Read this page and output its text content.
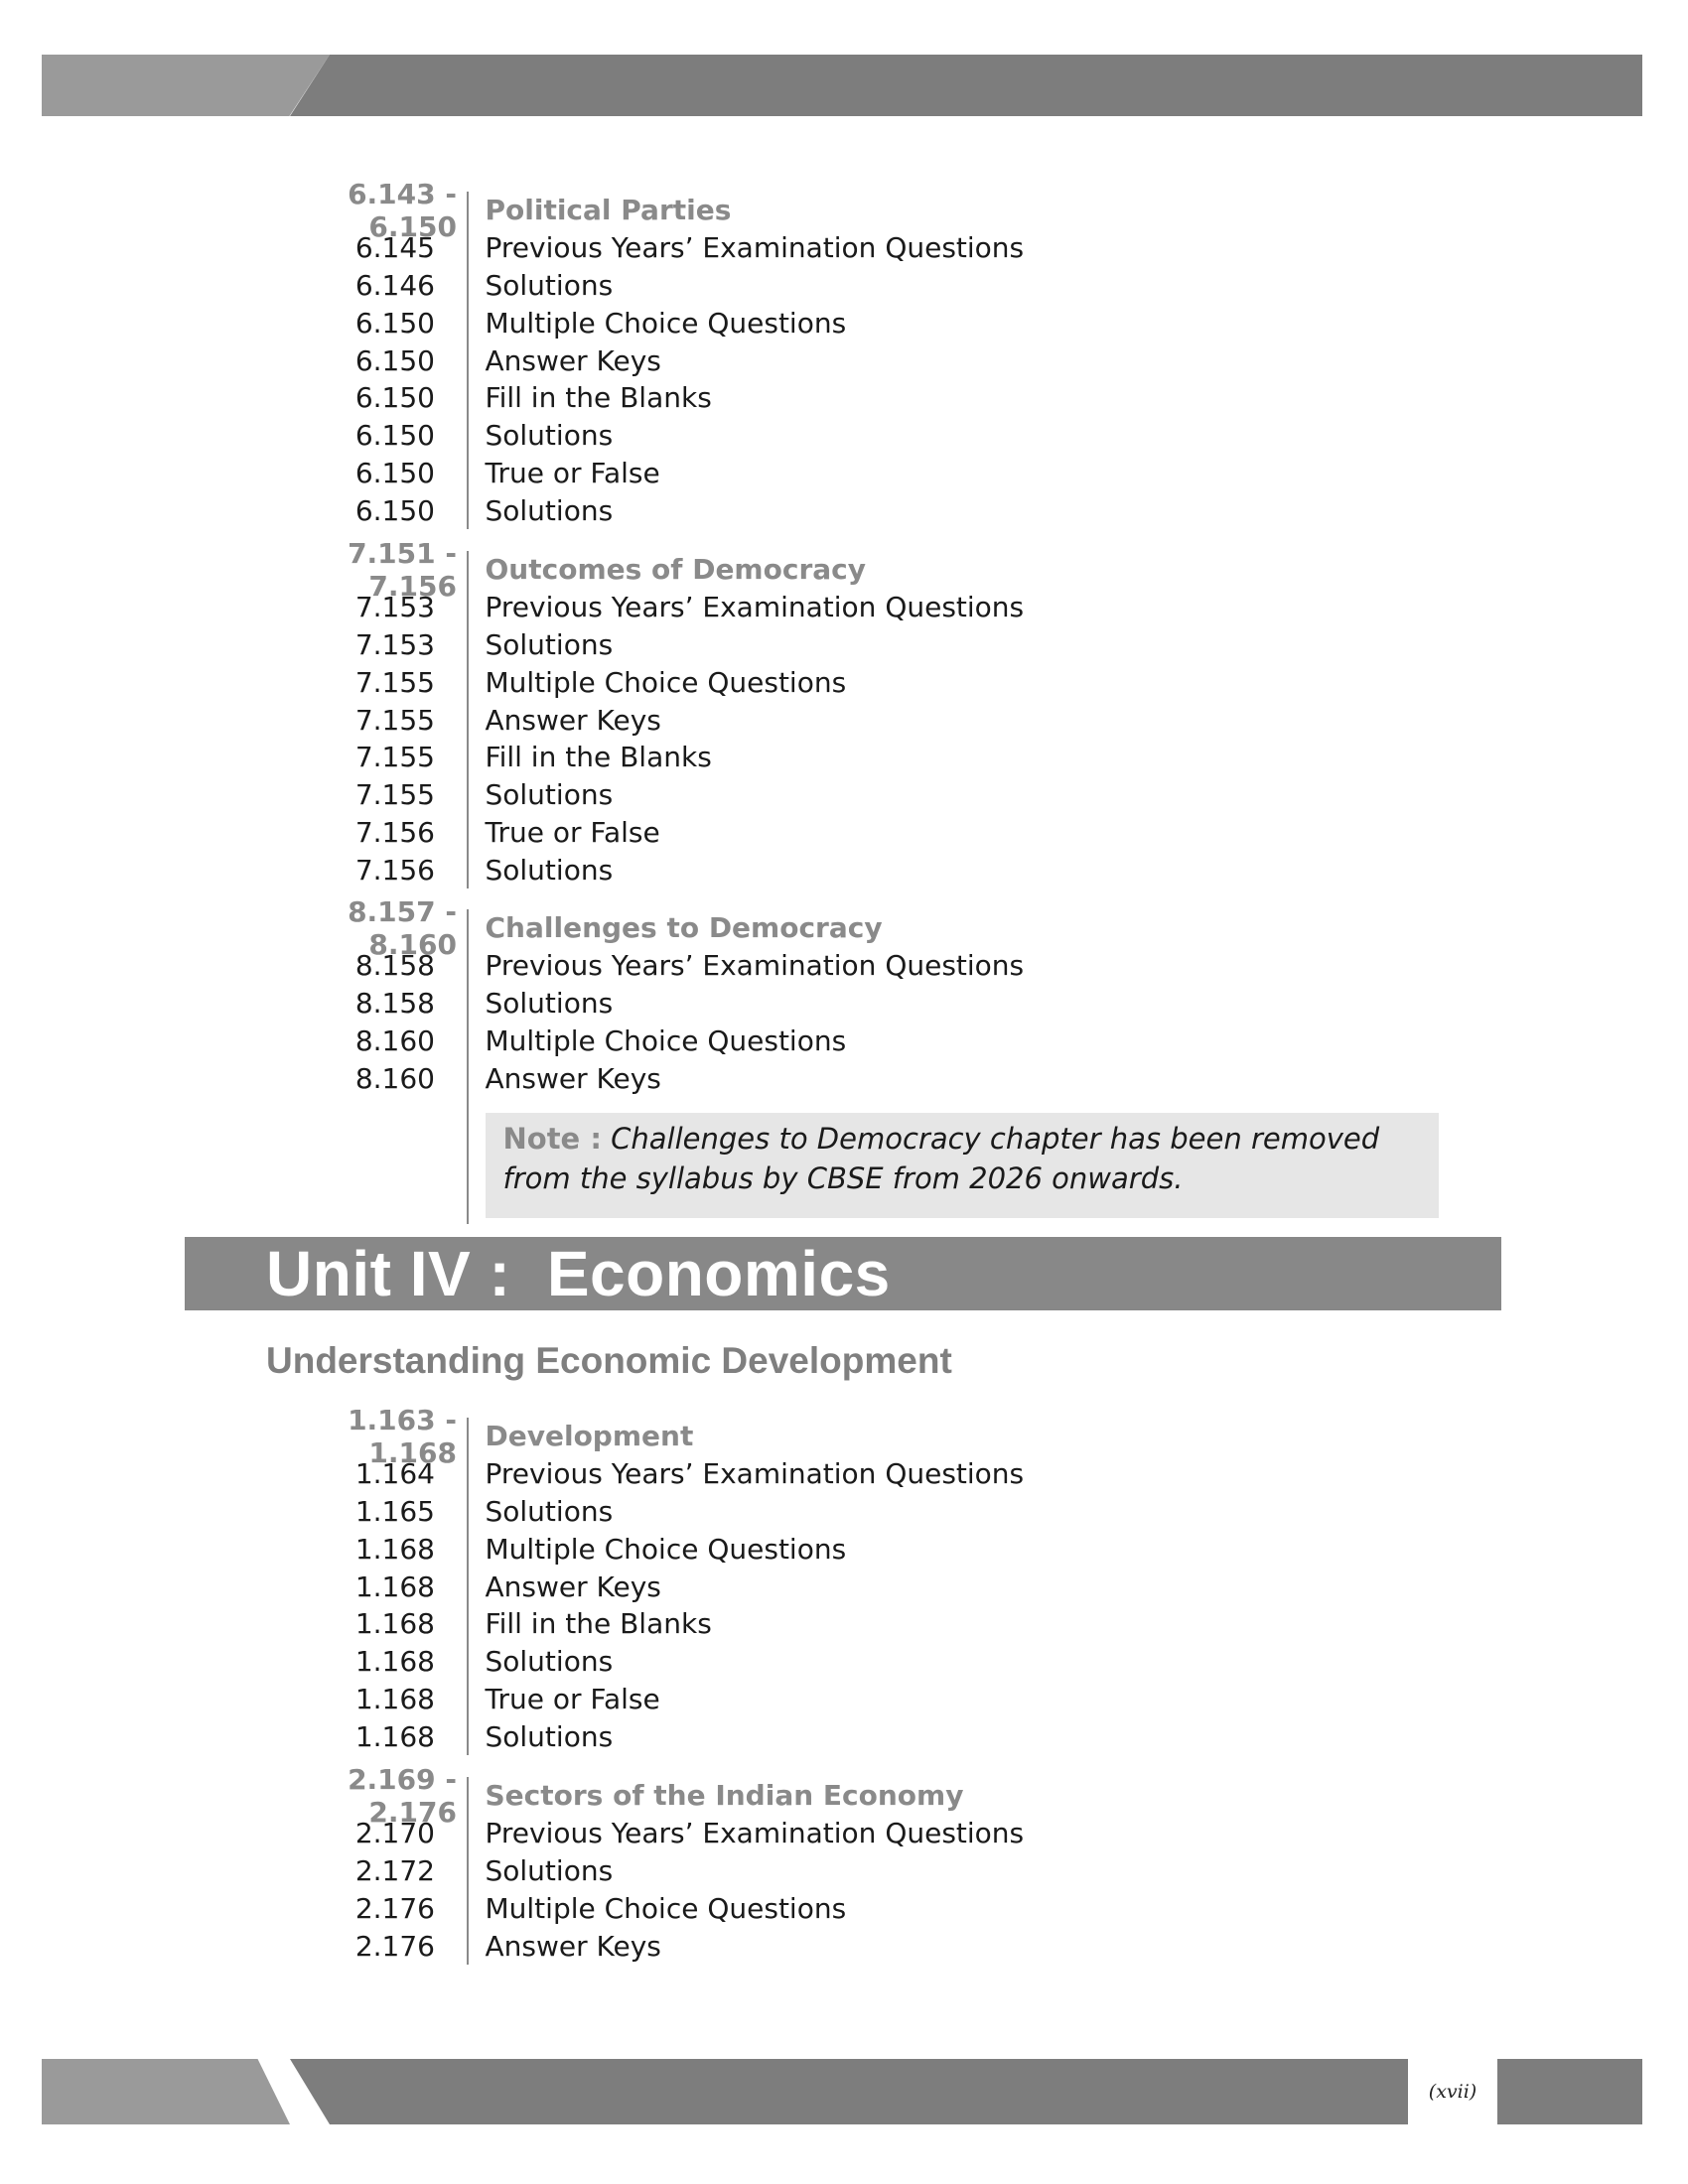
6.143 - 6.150
Political Parties
6.145	Previous Years’ Examination Questions
6.146	Solutions
6.150	Multiple Choice Questions
6.150	Answer Keys
6.150	Fill in the Blanks
6.150	Solutions
6.150	True or False
6.150	Solutions
7.151 - 7.156
Outcomes of Democracy
7.153	Previous Years’ Examination Questions
7.153	Solutions
7.155	Multiple Choice Questions
7.155	Answer Keys
7.155	Fill in the Blanks
7.155	Solutions
7.156	True or False
7.156	Solutions
8.157 - 8.160
Challenges to Democracy
8.158	Previous Years’ Examination Questions
8.158	Solutions
8.160	Multiple Choice Questions
8.160	Answer Keys
Note : Challenges to Democracy chapter has been removed from the syllabus by CBSE from 2026 onwards.
Unit IV :  Economics
Understanding Economic Development
1.163 - 1.168
Development
1.164	Previous Years’ Examination Questions
1.165	Solutions
1.168	Multiple Choice Questions
1.168	Answer Keys
1.168	Fill in the Blanks
1.168	Solutions
1.168	True or False
1.168	Solutions
2.169 - 2.176
Sectors of the Indian Economy
2.170	Previous Years’ Examination Questions
2.172	Solutions
2.176	Multiple Choice Questions
2.176	Answer Keys
(xvii)
